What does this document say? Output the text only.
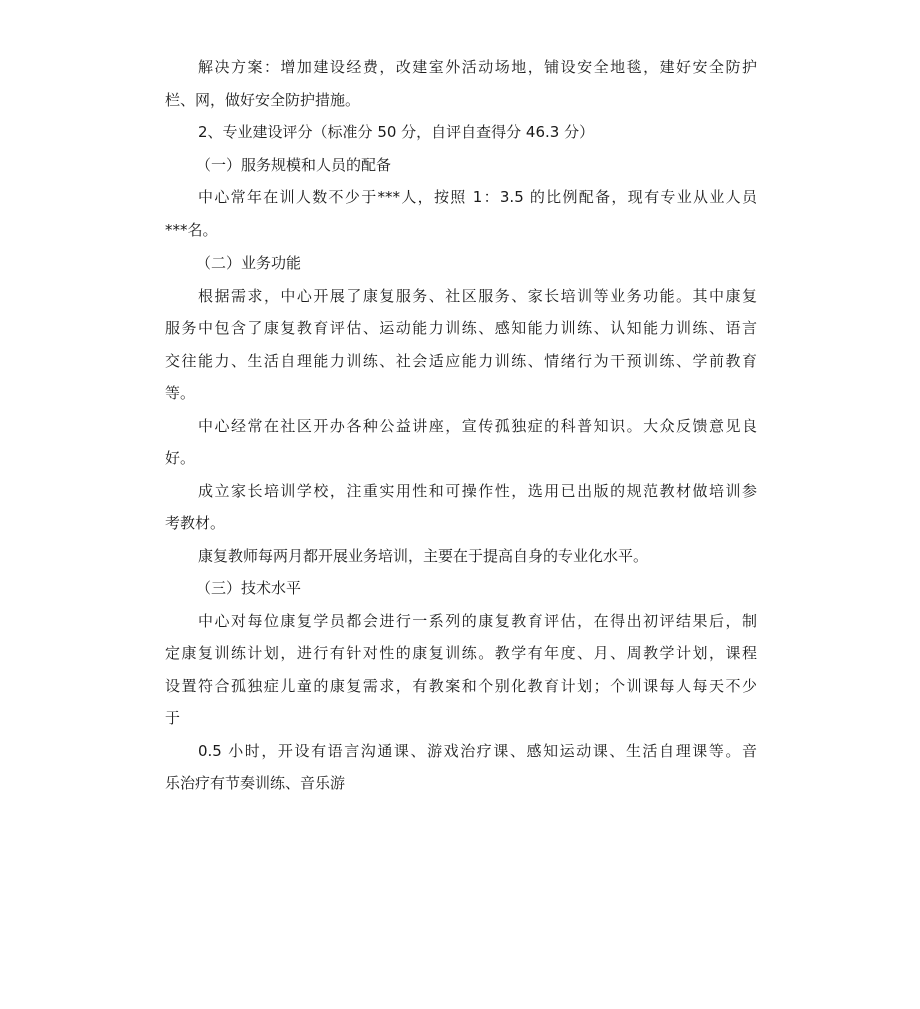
解决方案：增加建设经费，改建室外活动场地，铺设安全地毯，建好安全防护
栏、网，做好安全防护措施。
2、专业建设评分（标准分 50 分，自评自查得分 46.3 分）
（一）服务规模和人员的配备
中心常年在训人数不少于***人，按照 1：3.5 的比例配备，现有专业从业人员
***名。
（二）业务功能
根据需求，中心开展了康复服务、社区服务、家长培训等业务功能。其中康复
服务中包含了康复教育评估、运动能力训练、感知能力训练、认知能力训练、语言
交往能力、生活自理能力训练、社会适应能力训练、情绪行为干预训练、学前教育
等。
中心经常在社区开办各种公益讲座，宣传孤独症的科普知识。大众反馈意见良
好。
成立家长培训学校，注重实用性和可操作性，选用已出版的规范教材做培训参
考教材。
康复教师每两月都开展业务培训，主要在于提高自身的专业化水平。
（三）技术水平
中心对每位康复学员都会进行一系列的康复教育评估，在得出初评结果后，制
定康复训练计划，进行有针对性的康复训练。教学有年度、月、周教学计划，课程
设置符合孤独症儿童的康复需求，有教案和个别化教育计划；个训课每人每天不少
于
0.5 小时，开设有语言沟通课、游戏治疗课、感知运动课、生活自理课等。音
乐治疗有节奏训练、音乐游
